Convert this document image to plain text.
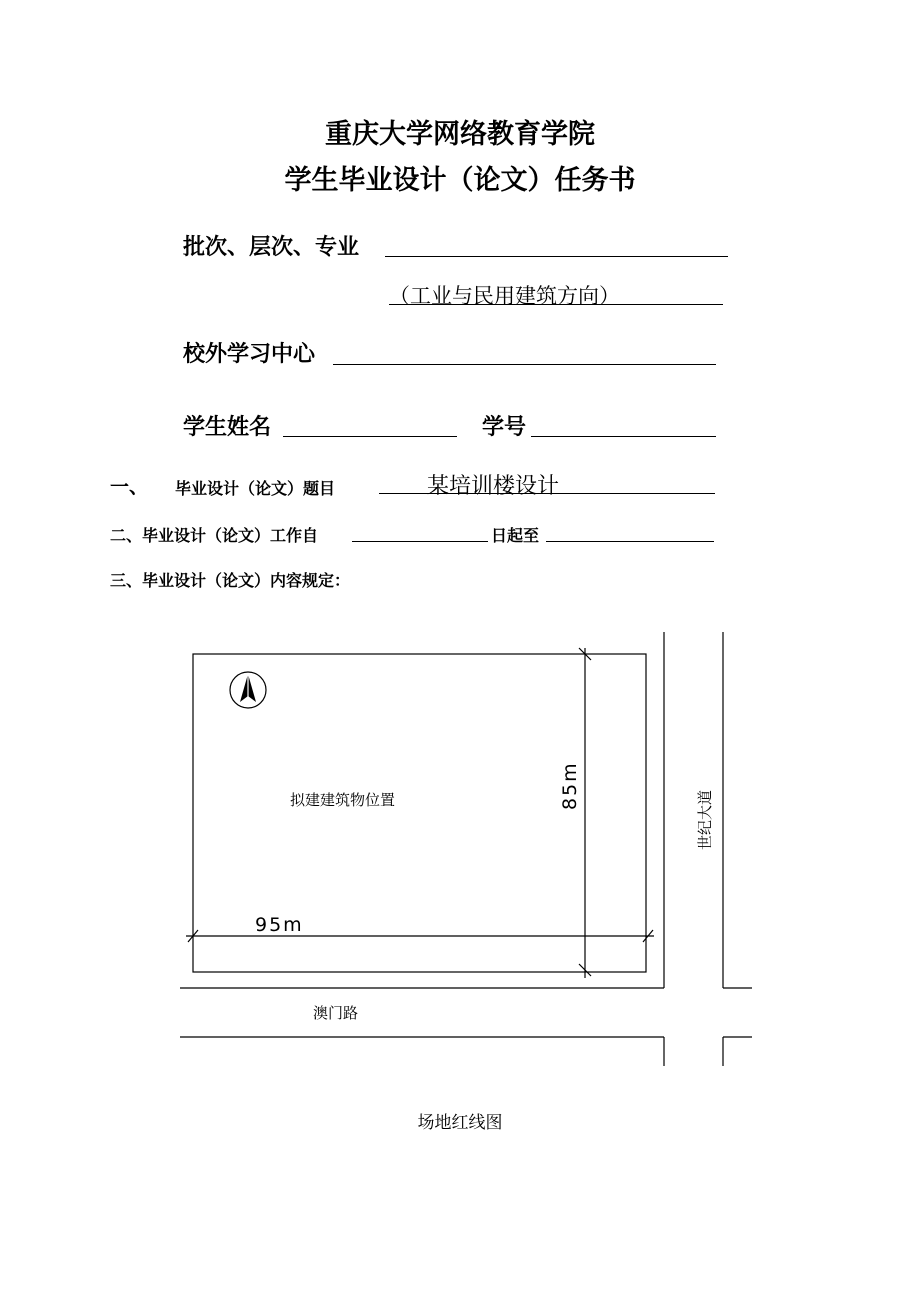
重庆大学网络教育学院
学生毕业设计（论文）任务书
批次、层次、专业
（工业与民用建筑方向）
校外学习中心
学生姓名	学号
一、 毕业设计（论文）题目	某培训楼设计
二、毕业设计（论文）工作自	日起至
三、毕业设计（论文）内容规定：
拟建建筑物位置
95m
85m
世纪大道
澳门路
场地红线图
